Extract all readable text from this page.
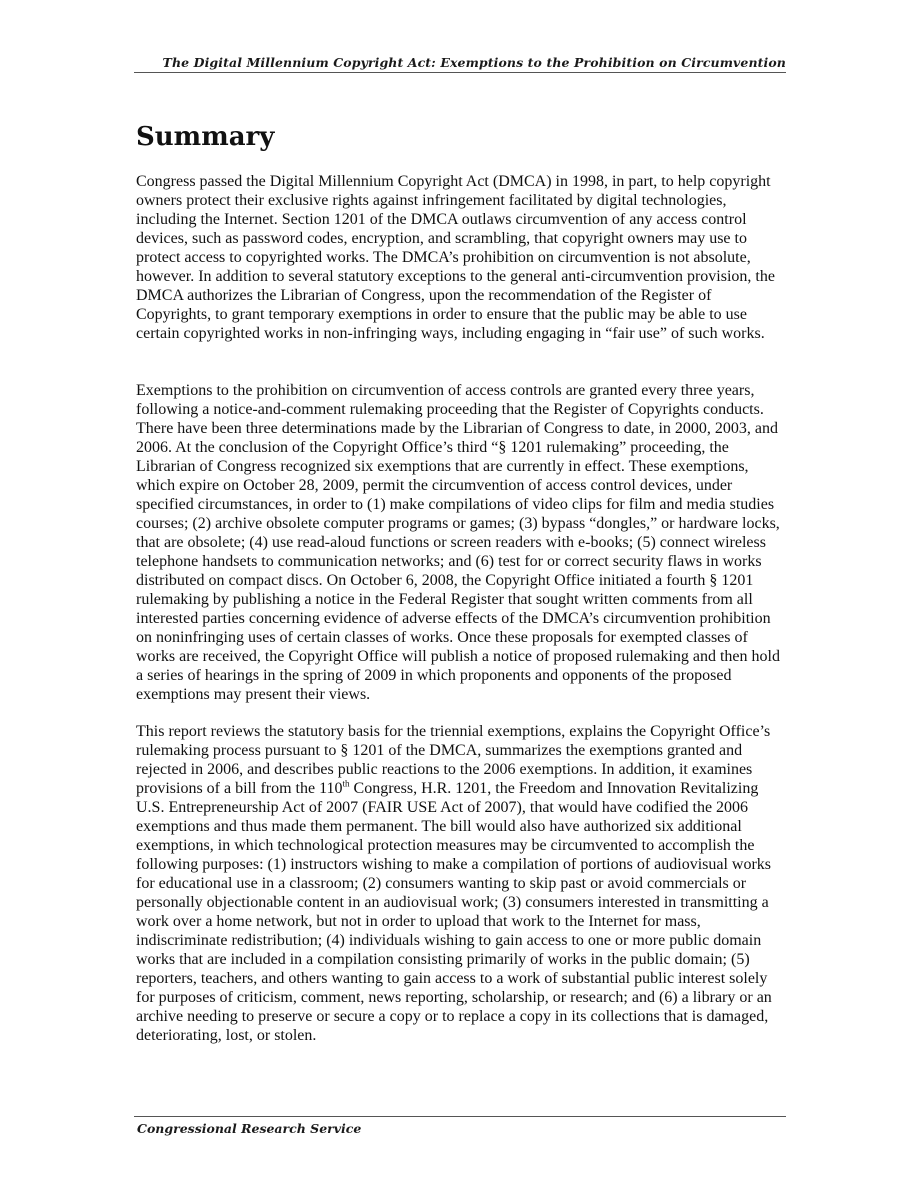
The Digital Millennium Copyright Act: Exemptions to the Prohibition on Circumvention
Summary

Congress passed the Digital Millennium Copyright Act (DMCA) in 1998, in part, to help copyright owners protect their exclusive rights against infringement facilitated by digital technologies, including the Internet. Section 1201 of the DMCA outlaws circumvention of any access control devices, such as password codes, encryption, and scrambling, that copyright owners may use to protect access to copyrighted works. The DMCA’s prohibition on circumvention is not absolute, however. In addition to several statutory exceptions to the general anti-circumvention provision, the DMCA authorizes the Librarian of Congress, upon the recommendation of the Register of Copyrights, to grant temporary exemptions in order to ensure that the public may be able to use certain copyrighted works in non-infringing ways, including engaging in “fair use” of such works.

Exemptions to the prohibition on circumvention of access controls are granted every three years, following a notice-and-comment rulemaking proceeding that the Register of Copyrights conducts. There have been three determinations made by the Librarian of Congress to date, in 2000, 2003, and 2006. At the conclusion of the Copyright Office’s third “§ 1201 rulemaking” proceeding, the Librarian of Congress recognized six exemptions that are currently in effect. These exemptions, which expire on October 28, 2009, permit the circumvention of access control devices, under specified circumstances, in order to (1) make compilations of video clips for film and media studies courses; (2) archive obsolete computer programs or games; (3) bypass “dongles,” or hardware locks, that are obsolete; (4) use read-aloud functions or screen readers with e-books; (5) connect wireless telephone handsets to communication networks; and (6) test for or correct security flaws in works distributed on compact discs. On October 6, 2008, the Copyright Office initiated a fourth § 1201 rulemaking by publishing a notice in the Federal Register that sought written comments from all interested parties concerning evidence of adverse effects of the DMCA’s circumvention prohibition on noninfringing uses of certain classes of works. Once these proposals for exempted classes of works are received, the Copyright Office will publish a notice of proposed rulemaking and then hold a series of hearings in the spring of 2009 in which proponents and opponents of the proposed exemptions may present their views.

This report reviews the statutory basis for the triennial exemptions, explains the Copyright Office’s rulemaking process pursuant to § 1201 of the DMCA, summarizes the exemptions granted and rejected in 2006, and describes public reactions to the 2006 exemptions. In addition, it examines provisions of a bill from the 110th Congress, H.R. 1201, the Freedom and Innovation Revitalizing U.S. Entrepreneurship Act of 2007 (FAIR USE Act of 2007), that would have codified the 2006 exemptions and thus made them permanent. The bill would also have authorized six additional exemptions, in which technological protection measures may be circumvented to accomplish the following purposes: (1) instructors wishing to make a compilation of portions of audiovisual works for educational use in a classroom; (2) consumers wanting to skip past or avoid commercials or personally objectionable content in an audiovisual work; (3) consumers interested in transmitting a work over a home network, but not in order to upload that work to the Internet for mass, indiscriminate redistribution; (4) individuals wishing to gain access to one or more public domain works that are included in a compilation consisting primarily of works in the public domain; (5) reporters, teachers, and others wanting to gain access to a work of substantial public interest solely for purposes of criticism, comment, news reporting, scholarship, or research; and (6) a library or an archive needing to preserve or secure a copy or to replace a copy in its collections that is damaged, deteriorating, lost, or stolen.

Congressional Research Service
